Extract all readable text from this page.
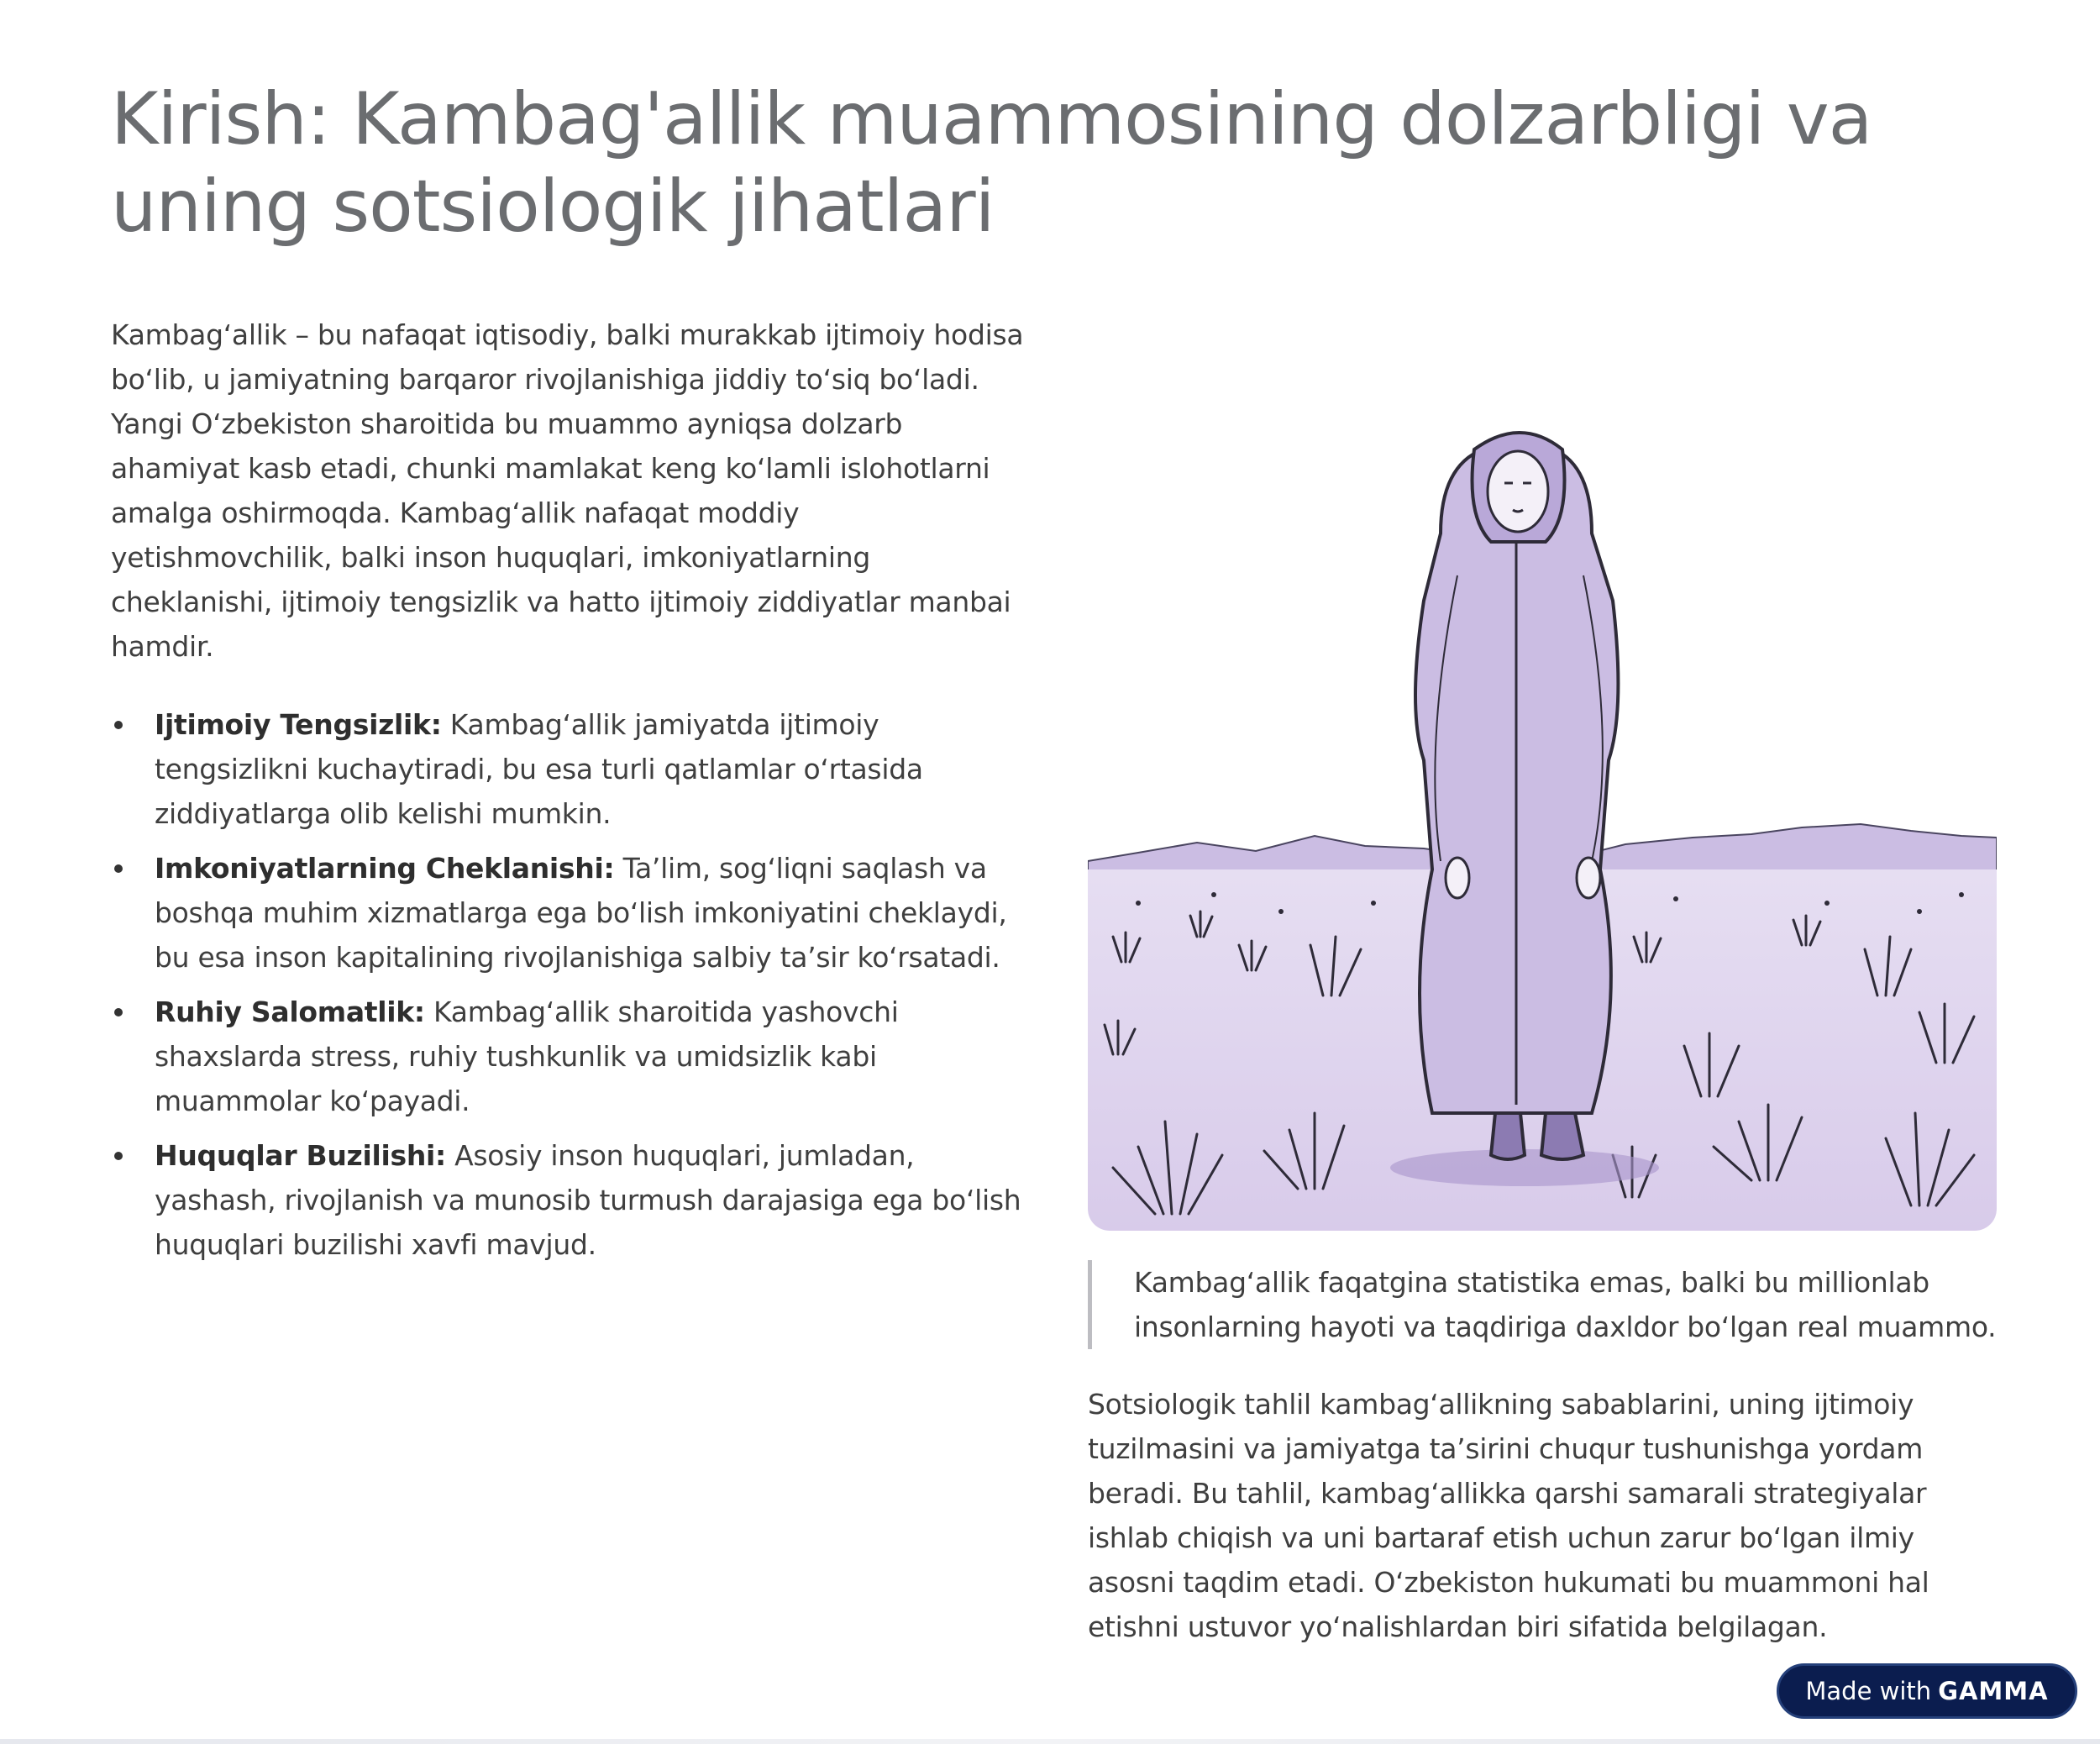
Kirish: Kambag'allik muammosining dolzarbligi va uning sotsiologik jihatlari

Kambag‘allik – bu nafaqat iqtisodiy, balki murakkab ijtimoiy hodisa bo‘lib, u jamiyatning barqaror rivojlanishiga jiddiy to‘siq bo‘ladi. Yangi O‘zbekiston sharoitida bu muammo ayniqsa dolzarb ahamiyat kasb etadi, chunki mamlakat keng ko‘lamli islohotlarni amalga oshirmoqda. Kambag‘allik nafaqat moddiy yetishmovchilik, balki inson huquqlari, imkoniyatlarning cheklanishi, ijtimoiy tengsizlik va hatto ijtimoiy ziddiyatlar manbai hamdir.

Ijtimoiy Tengsizlik: Kambag‘allik jamiyatda ijtimoiy tengsizlikni kuchaytiradi, bu esa turli qatlamlar o‘rtasida ziddiyatlarga olib kelishi mumkin.
Imkoniyatlarning Cheklanishi: Ta’lim, sog‘liqni saqlash va boshqa muhim xizmatlarga ega bo‘lish imkoniyatini cheklaydi, bu esa inson kapitalining rivojlanishiga salbiy ta’sir ko‘rsatadi.
Ruhiy Salomatlik: Kambag‘allik sharoitida yashovchi shaxslarda stress, ruhiy tushkunlik va umidsizlik kabi muammolar ko‘payadi.
Huquqlar Buzilishi: Asosiy inson huquqlari, jumladan, yashash, rivojlanish va munosib turmush darajasiga ega bo‘lish huquqlari buzilishi xavfi mavjud.
Kambag‘allik faqatgina statistika emas, balki bu millionlab insonlarning hayoti va taqdiriga daxldor bo‘lgan real muammo.

Sotsiologik tahlil kambag‘allikning sabablarini, uning ijtimoiy tuzilmasini va jamiyatga ta’sirini chuqur tushunishga yordam beradi. Bu tahlil, kambag‘allikka qarshi samarali strategiyalar ishlab chiqish va uni bartaraf etish uchun zarur bo‘lgan ilmiy asosni taqdim etadi. O‘zbekiston hukumati bu muammoni hal etishni ustuvor yo‘nalishlardan biri sifatida belgilagan.

Made with GAMMA
